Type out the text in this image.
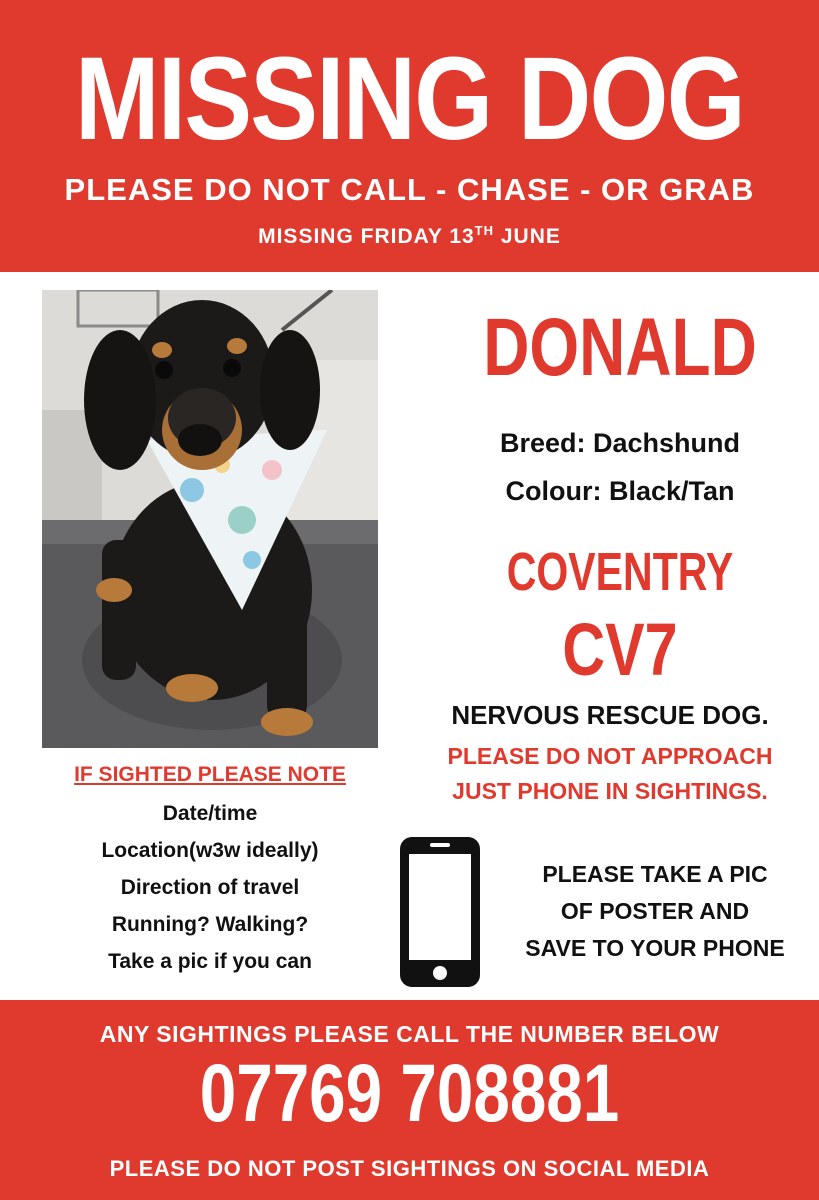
MISSING DOG
PLEASE DO NOT CALL - CHASE - OR GRAB
MISSING FRIDAY 13TH JUNE
DONALD
Breed: Dachshund
Colour: Black/Tan
COVENTRY
CV7
NERVOUS RESCUE DOG.
PLEASE DO NOT APPROACH
JUST PHONE IN SIGHTINGS.
IF SIGHTED PLEASE NOTE
Date/time
Location(w3w ideally)
Direction of travel
Running? Walking?
Take a pic if you can
PLEASE TAKE A PIC
OF POSTER AND
SAVE TO YOUR PHONE
ANY SIGHTINGS PLEASE CALL THE NUMBER BELOW
07769 708881
PLEASE DO NOT POST SIGHTINGS ON SOCIAL MEDIA
